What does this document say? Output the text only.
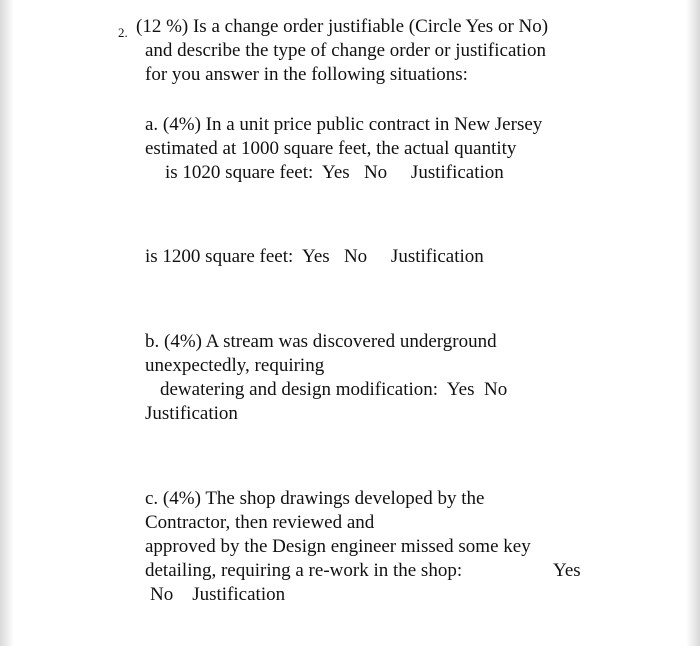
2. (12 %) Is a change order justifiable (Circle Yes or No)
and describe the type of change order or justification
for you answer in the following situations:
a. (4%) In a unit price public contract in New Jersey
estimated at 1000 square feet, the actual quantity
is 1020 square feet:  Yes   No     Justification
is 1200 square feet:  Yes   No     Justification
b. (4%) A stream was discovered underground
unexpectedly, requiring
dewatering and design modification:  Yes  No
Justification
c. (4%) The shop drawings developed by the
Contractor, then reviewed and
approved by the Design engineer missed some key
detailing, requiring a re-work in the shop:	Yes
No    Justification
